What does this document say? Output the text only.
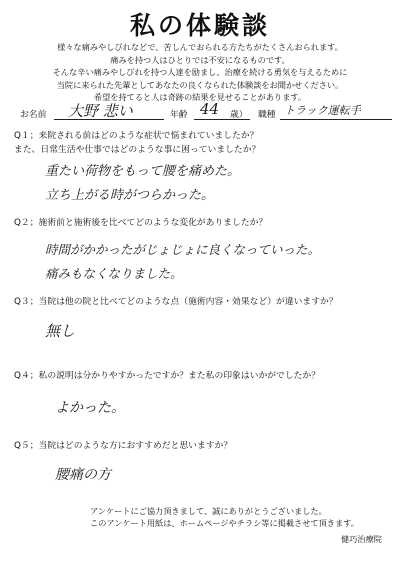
私の体験談
様々な痛みやしびれなどで、苦しんでおられる方たちがたくさんおられます。
痛みを持つ人はひとりでは不安になるものです。
そんな辛い痛みやしびれを持つ人達を励まし、治療を続ける勇気を与えるために
当院に来られた先輩としてあなたの良くなられた体験談をお聞かせください。
希望を持てると人は奇跡の結果を見せることがあります。
お名前 大野 悲い	年齢 44 歳） 職種 トラック運転手
Q１；来院される前はどのような症状で悩まれていましたか？
また、日常生活や仕事ではどのような事に困っていましたか？
重たい荷物をもって腰を痛めた。
立ち上がる時がつらかった。
Q２；施術前と施術後を比べてどのような変化がありましたか？
時間がかかったがじょじょに良くなっていった。
痛みもなくなりました。
Q３；当院は他の院と比べてどのような点（施術内容・効果など）が違いますか？
無し
Q４；私の説明は分かりやすかったですか？また私の印象はいかがでしたか？
よかった。
Q５；当院はどのような方におすすめだと思いますか？
腰痛の方
アンケートにご協力頂きまして、誠にありがとうございました。
このアンケート用紙は、ホームページやチラシ等に掲載させて頂きます。
健巧治療院
